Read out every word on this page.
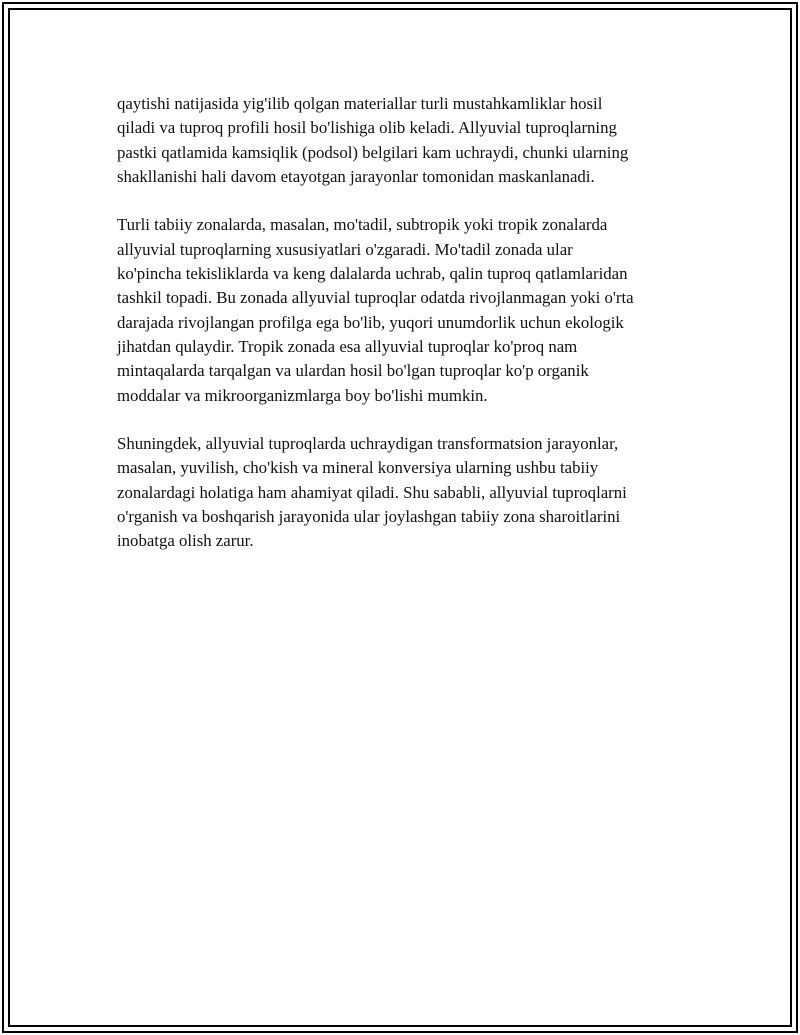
qaytishi natijasida yig'ilib qolgan materiallar turli mustahkamliklar hosil
qiladi va tuproq profili hosil bo'lishiga olib keladi. Allyuvial tuproqlarning
pastki qatlamida kamsiqlik (podsol) belgilari kam uchraydi, chunki ularning
shakllanishi hali davom etayotgan jarayonlar tomonidan maskanlanadi.

Turli tabiiy zonalarda, masalan, mo'tadil, subtropik yoki tropik zonalarda
allyuvial tuproqlarning xususiyatlari o'zgaradi. Mo'tadil zonada ular
ko'pincha tekisliklarda va keng dalalarda uchrab, qalin tuproq qatlamlaridan
tashkil topadi. Bu zonada allyuvial tuproqlar odatda rivojlanmagan yoki o'rta
darajada rivojlangan profilga ega bo'lib, yuqori unumdorlik uchun ekologik
jihatdan qulaydir. Tropik zonada esa allyuvial tuproqlar ko'proq nam
mintaqalarda tarqalgan va ulardan hosil bo'lgan tuproqlar ko'p organik
moddalar va mikroorganizmlarga boy bo'lishi mumkin.

Shuningdek, allyuvial tuproqlarda uchraydigan transformatsion jarayonlar,
masalan, yuvilish, cho'kish va mineral konversiya ularning ushbu tabiiy
zonalardagi holatiga ham ahamiyat qiladi. Shu sababli, allyuvial tuproqlarni
o'rganish va boshqarish jarayonida ular joylashgan tabiiy zona sharoitlarini
inobatga olish zarur.
